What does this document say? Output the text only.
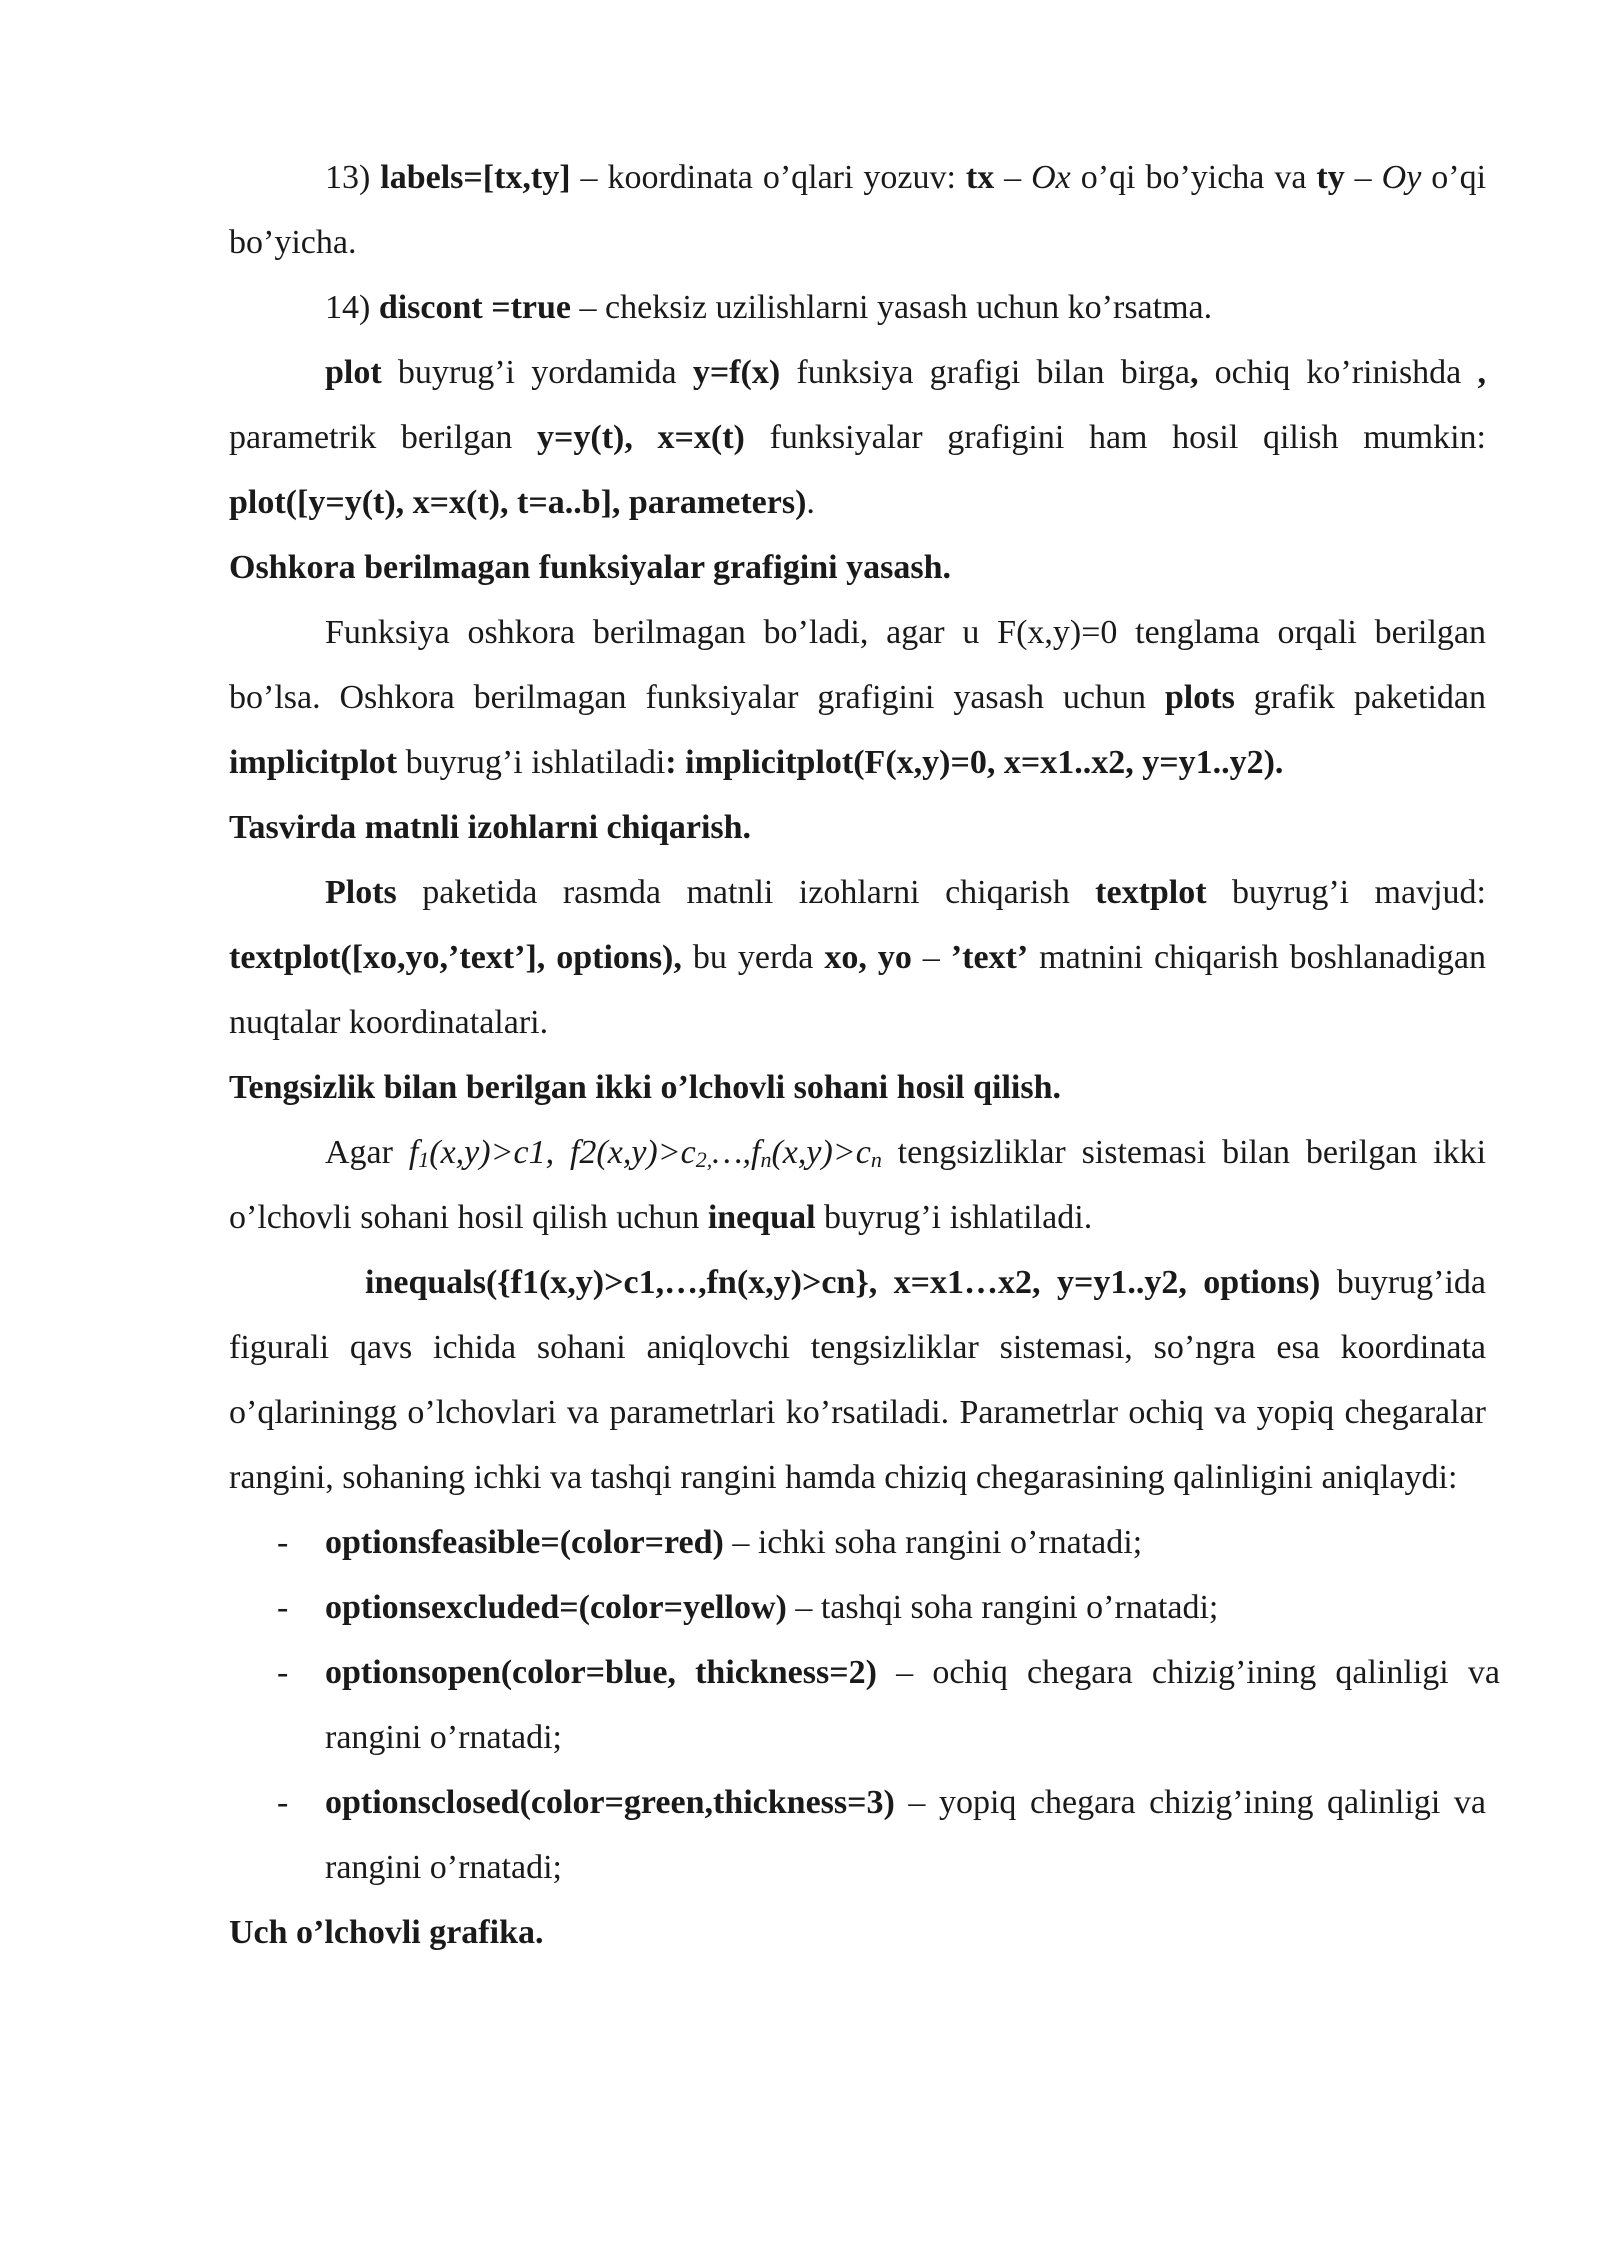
13) labels=[tx,ty] – koordinata o’qlari yozuv: tx – Ox o’qi bo’yicha va ty – Oy o’qi bo’yicha.

14) discont =true – cheksiz uzilishlarni yasash uchun ko’rsatma.

plot buyrug’i yordamida y=f(x) funksiya grafigi bilan birga, ochiq ko’rinishda , parametrik berilgan y=y(t), x=x(t) funksiyalar grafigini ham hosil qilish mumkin: plot([y=y(t), x=x(t), t=a..b], parameters).

Oshkora berilmagan funksiyalar grafigini yasash.

Funksiya oshkora berilmagan bo’ladi, agar u F(x,y)=0 tenglama orqali berilgan bo’lsa. Oshkora berilmagan funksiyalar grafigini yasash uchun plots grafik paketidan implicitplot buyrug’i ishlatiladi: implicitplot(F(x,y)=0, x=x1..x2, y=y1..y2).

Tasvirda matnli izohlarni chiqarish.

Plots paketida rasmda matnli izohlarni chiqarish textplot buyrug’i mavjud: textplot([xo,yo,’text’], options), bu yerda xo, yo – ’text’ matnini chiqarish boshlanadigan nuqtalar koordinatalari.

Tengsizlik bilan berilgan ikki o’lchovli sohani hosil qilish.

Agar $f_1(x,y)>c1$, $f2(x,y)>c_{2,}\dots,f_n(x,y)>c_n$ tengsizliklar sistemasi bilan berilgan ikki o’lchovli sohani hosil qilish uchun inequal buyrug’i ishlatiladi.

inequals({f1(x,y)>c1,…,fn(x,y)>cn}, x=x1…x2, y=y1..y2, options) buyrug’ida figurali qavs ichida sohani aniqlovchi tengsizliklar sistemasi, so’ngra esa koordinata o’qlariningg o’lchovlari va parametrlari ko’rsatiladi. Parametrlar ochiq va yopiq chegaralar rangini, sohaning ichki va tashqi rangini hamda chiziq chegarasining qalinligini aniqlaydi:

- optionsfeasible=(color=red) – ichki soha rangini o’rnatadi;
- optionsexcluded=(color=yellow) – tashqi soha rangini o’rnatadi;
- optionsopen(color=blue, thickness=2) – ochiq chegara chizig’ining qalinligi va rangini o’rnatadi;
- optionsclosed(color=green,thickness=3) – yopiq chegara chizig’ining qalinligi va rangini o’rnatadi;

Uch o’lchovli grafika.
